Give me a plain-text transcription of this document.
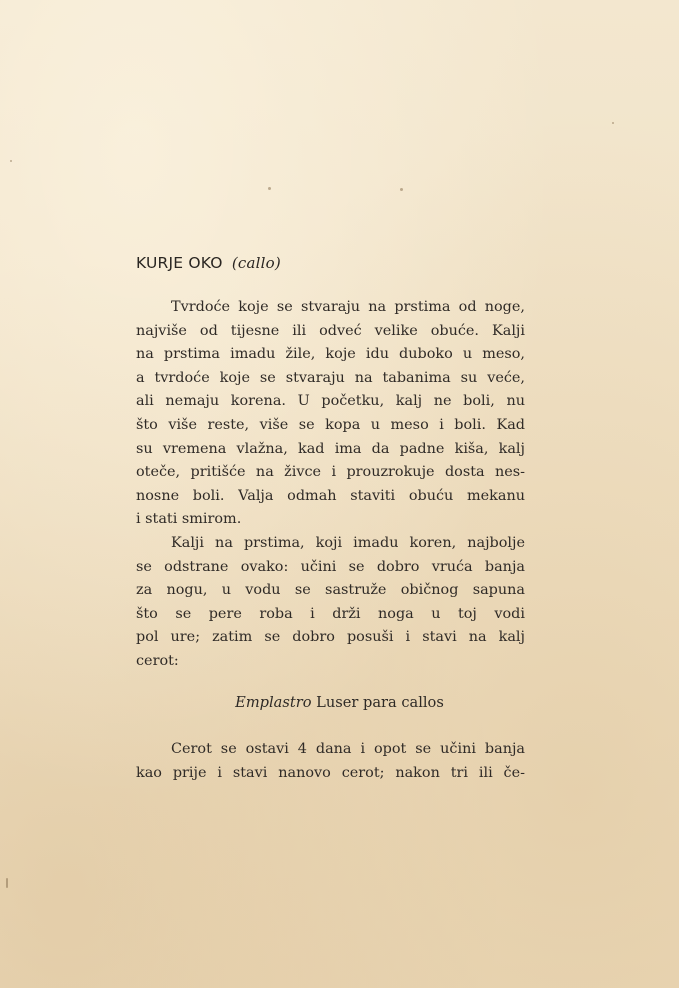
KURJE OKO (callo)
Tvrdoće koje se stvaraju na prstima od noge,
najviše od tijesne ili odveć velike obuće. Kalji
na prstima imadu žile, koje idu duboko u meso,
a tvrdoće koje se stvaraju na tabanima su veće,
ali nemaju korena. U početku, kalj ne boli, nu
što više reste, više se kopa u meso i boli. Kad
su vremena vlažna, kad ima da padne kiša, kalj
oteče, pritišće na živce i prouzrokuje dosta nes-
nosne boli. Valja odmah staviti obuću mekanu
i stati smirom.
Kalji na prstima, koji imadu koren, najbolje
se odstrane ovako: učini se dobro vruća banja
za nogu, u vodu se sastruže običnog sapuna
što se pere roba i drži noga u toj vodi
pol ure; zatim se dobro posuši i stavi na kalj
cerot:
Emplastro Luser para callos
Cerot se ostavi 4 dana i opot se učini banja
kao prije i stavi nanovo cerot; nakon tri ili če-
